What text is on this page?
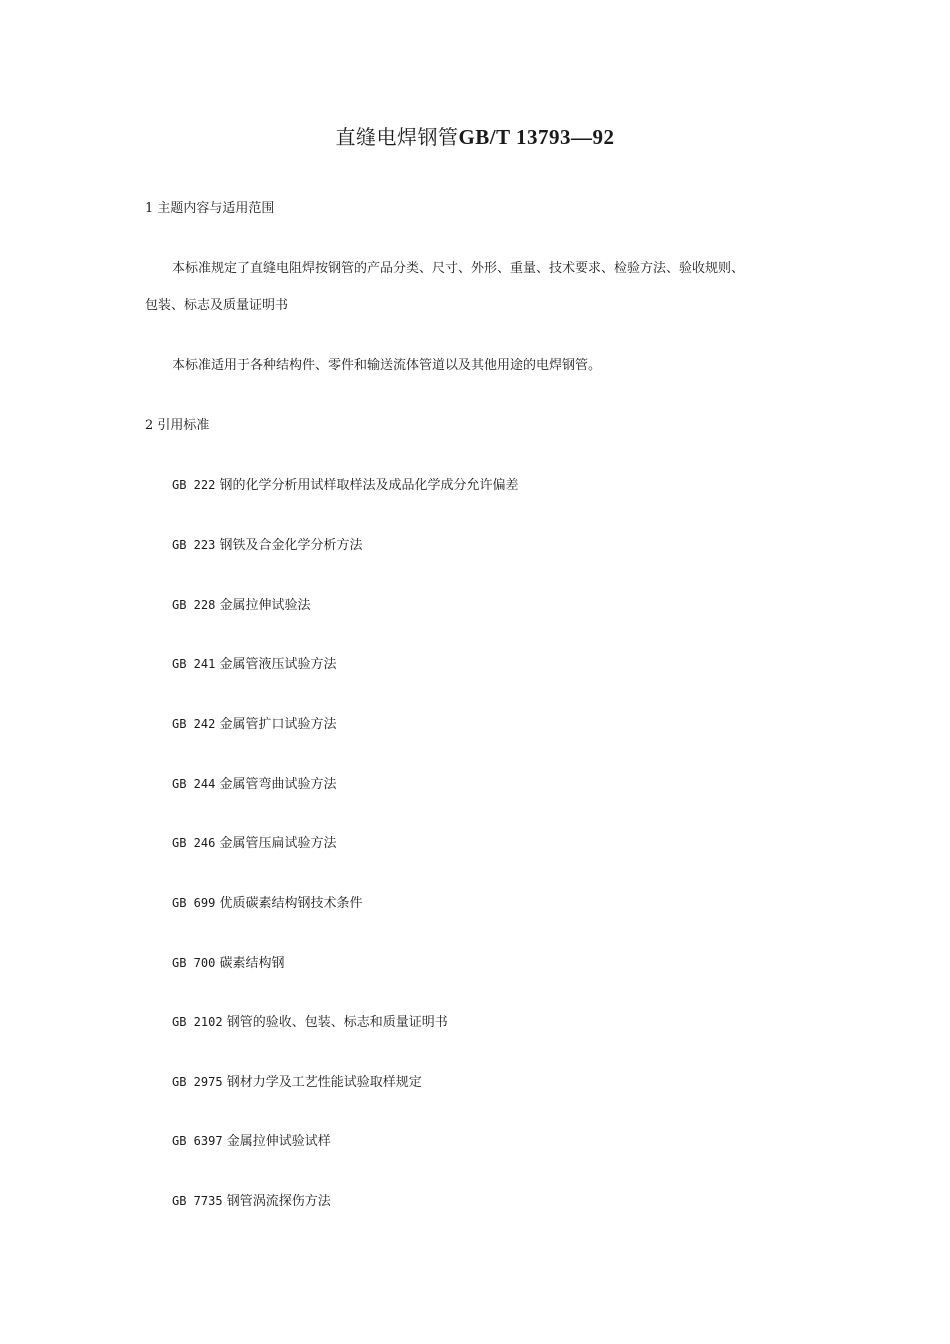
直缝电焊钢管GB/T 13793—92

1 主题内容与适用范围

本标准规定了直缝电阻焊按钢管的产品分类、尺寸、外形、重量、技术要求、检验方法、验收规则、

包装、标志及质量证明书

本标准适用于各种结构件、零件和输送流体管道以及其他用途的电焊钢管。

2 引用标准

GB 222 钢的化学分析用试样取样法及成品化学成分允许偏差

GB 223 钢铁及合金化学分析方法

GB 228 金属拉伸试验法

GB 241 金属管液压试验方法

GB 242 金属管扩口试验方法

GB 244 金属管弯曲试验方法

GB 246 金属管压扁试验方法

GB 699 优质碳素结构钢技术条件

GB 700 碳素结构钢

GB 2102 钢管的验收、包装、标志和质量证明书

GB 2975 钢材力学及工艺性能试验取样规定

GB 6397 金属拉伸试验试样

GB 7735 钢管涡流探伤方法
